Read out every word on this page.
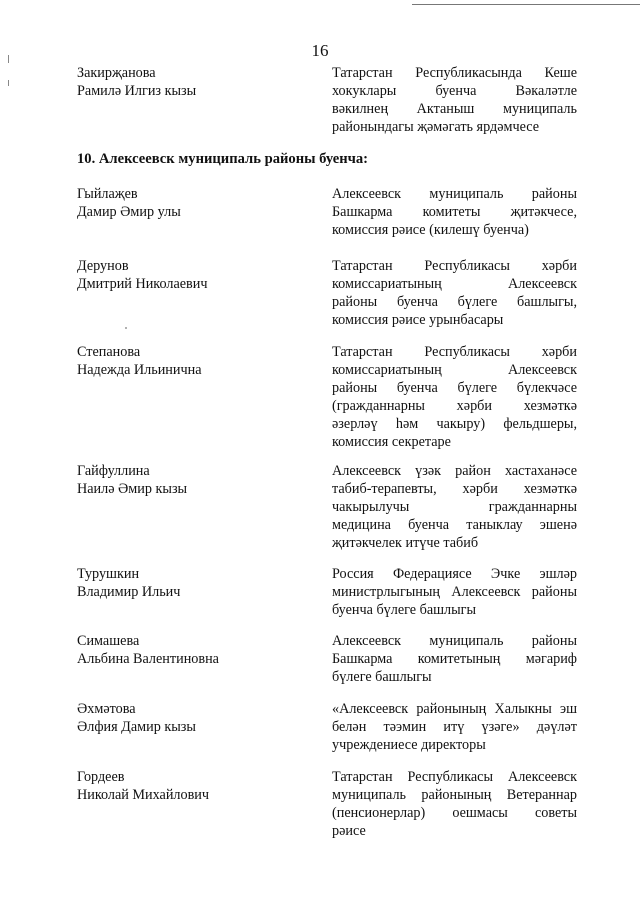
16
Закирҗанова
Рамилә Илгиз кызы
Татарстан Республикасында Кеше
хокуклары буенча Вәкаләтле
вәкилнең Актаныш муниципаль
районындагы җәмәгать ярдәмчесе
10. Алексеевск муниципаль районы буенча:
Гыйлаҗев
Дамир Әмир улы
Алексеевск муниципаль районы
Башкарма комитеты җитәкчесе,
комиссия рәисе (килешү буенча)
Дерунов
Дмитрий Николаевич
Татарстан Республикасы хәрби
комиссариатының Алексеевск
районы буенча бүлеге башлыгы,
комиссия рәисе урынбасары
Степанова
Надежда Ильинична
Татарстан Республикасы хәрби
комиссариатының Алексеевск
районы буенча бүлеге бүлекчәсе
(гражданнарны хәрби хезмәткә
әзерләү һәм чакыру) фельдшеры,
комиссия секретаре
Гайфуллина
Наилә Әмир кызы
Алексеевск үзәк район хастаханәсе
табиб-терапевты, хәрби хезмәткә
чакырылучы гражданнарны
медицина буенча таныклау эшенә
җитәкчелек итүче табиб
Турушкин
Владимир Ильич
Россия Федерациясе Эчке эшләр
министрлыгының Алексеевск районы
буенча бүлеге башлыгы
Симашева
Альбина Валентиновна
Алексеевск муниципаль районы
Башкарма комитетының мәгариф
бүлеге башлыгы
Әхмәтова
Әлфия Дамир кызы
«Алексеевск районының Халыкны эш
белән тәэмин итү үзәге» дәүләт
учреждениесе директоры
Гордеев
Николай Михайлович
Татарстан Республикасы Алексеевск
муниципаль районының Ветераннар
(пенсионерлар) оешмасы советы
рәисе
